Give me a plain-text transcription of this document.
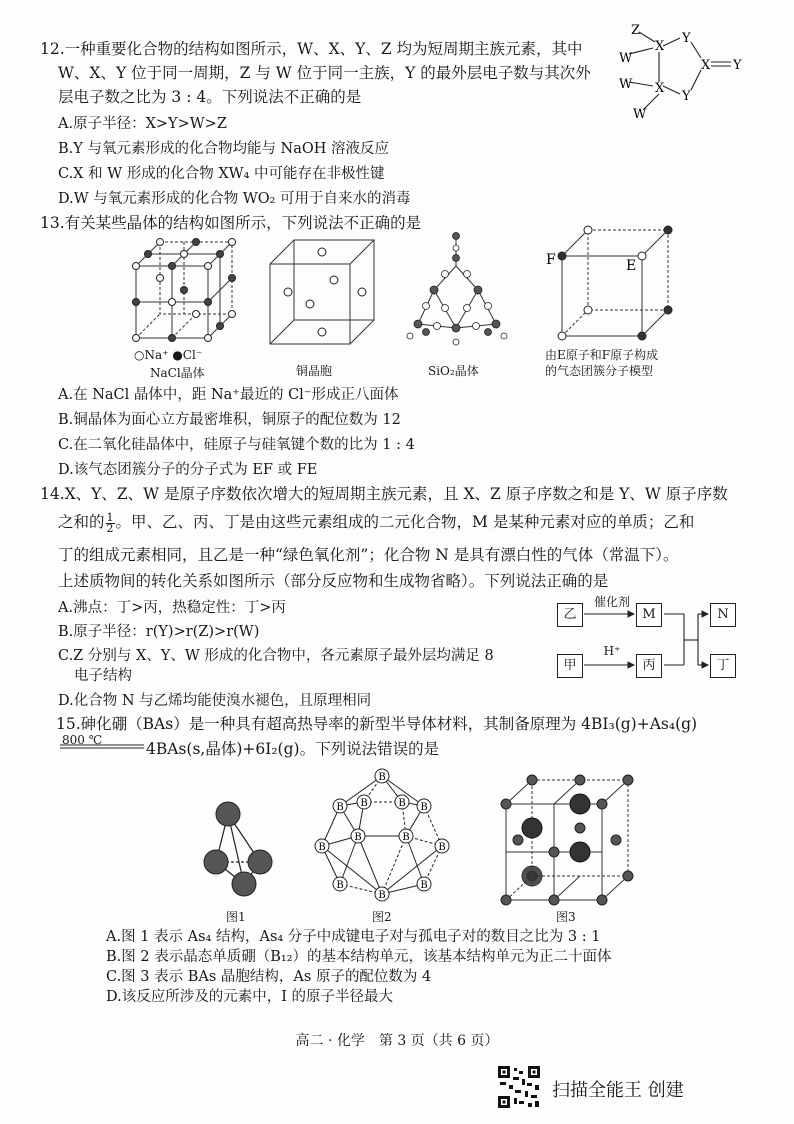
12.一种重要化合物的结构如图所示，W、X、Y、Z 均为短周期主族元素，其中
W、X、Y 位于同一周期，Z 与 W 位于同一主族，Y 的最外层电子数与其次外
层电子数之比为 3 : 4。下列说法不正确的是
A.原子半径：X>Y>W>Z
B.Y 与氧元素形成的化合物均能与 NaOH 溶液反应
C.X 和 W 形成的化合物 XW₄ 中可能存在非极性键
D.W 与氧元素形成的化合物 WO₂ 可用于自来水的消毒
Z
X
Y
W	X Y
W X
Y
W
13.有关某些晶体的结构如图所示，下列说法不正确的是
○Na⁺ ●Cl⁻
NaCl晶体	铜晶胞	SiO₂晶体
F	E
由E原子和F原子构成
的气态团簇分子模型
A.在 NaCl 晶体中，距 Na⁺最近的 Cl⁻形成正八面体
B.铜晶体为面心立方最密堆积，铜原子的配位数为 12
C.在二氧化硅晶体中，硅原子与硅氧键个数的比为 1 : 4
D.该气态团簇分子的分子式为 EF 或 FE
14.X、Y、Z、W 是原子序数依次增大的短周期主族元素，且 X、Z 原子序数之和是 Y、W 原子序数
之和的 $\frac{1}{2}$ 。甲、乙、丙、丁是由这些元素组成的二元化合物，M 是某种元素对应的单质；乙和
丁的组成元素相同，且乙是一种“绿色氧化剂”；化合物 N 是具有漂白性的气体（常温下）。
上述质物间的转化关系如图所示（部分反应物和生成物省略）。下列说法正确的是
A.沸点：丁>丙，热稳定性：丁>丙
B.原子半径：r(Y)>r(Z)>r(W)
C.Z 分别与 X、Y、W 形成的化合物中，各元素原子最外层均满足 8
电子结构
D.化合物 N 与乙烯均能使溴水褪色，且原理相同
乙	M	N
甲	丙	丁
催化剂
H⁺
15.砷化硼（BAs）是一种具有超高热导率的新型半导体材料，其制备原理为 4BI₃(g)+As₄(g)
800 ℃	4BAs(s,晶体)+6I₂(g)。下列说法错误的是
图1
B
B	B
B	B
B	B
B	B
B	B
B
图2	图3
A.图 1 表示 As₄ 结构，As₄ 分子中成键电子对与孤电子对的数目之比为 3 : 1
B.图 2 表示晶态单质硼（B₁₂）的基本结构单元，该基本结构单元为正二十面体
C.图 3 表示 BAs 晶胞结构，As 原子的配位数为 4
D.该反应所涉及的元素中，I 的原子半径最大
高二 · 化学　第 3 页（共 6 页）
扫描全能王 创建
